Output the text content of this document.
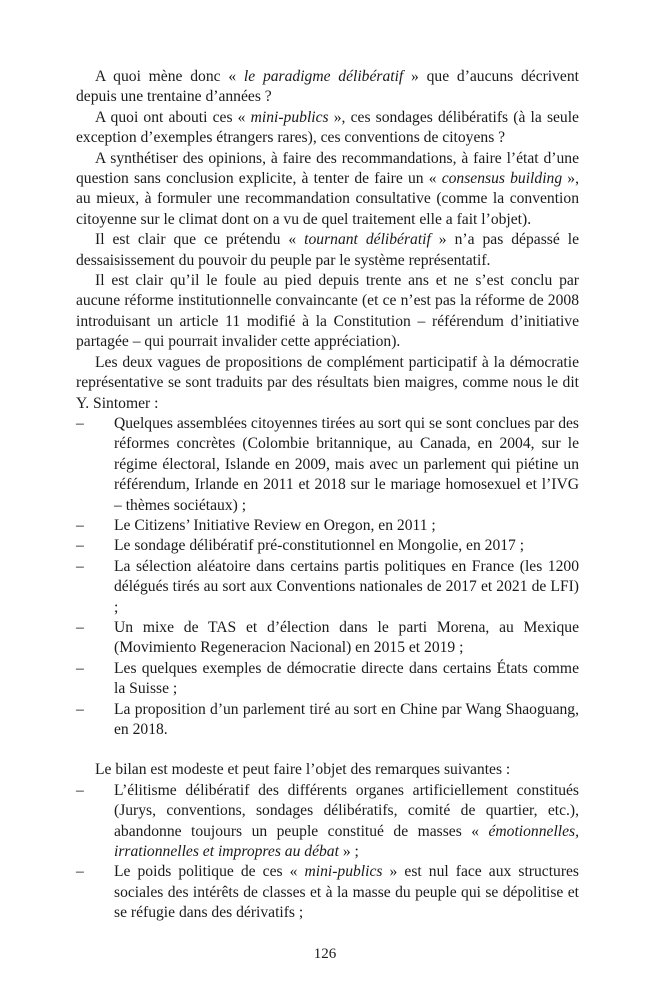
A quoi mène donc « le paradigme délibératif » que d’aucuns décrivent depuis une trentaine d’années ?

A quoi ont abouti ces « mini-publics », ces sondages délibératifs (à la seule exception d’exemples étrangers rares), ces conventions de citoyens ?

A synthétiser des opinions, à faire des recommandations, à faire l’état d’une question sans conclusion explicite, à tenter de faire un « consensus building », au mieux, à formuler une recommandation consultative (comme la convention citoyenne sur le climat dont on a vu de quel traitement elle a fait l’objet).

Il est clair que ce prétendu « tournant délibératif » n’a pas dépassé le dessaisissement du pouvoir du peuple par le système représentatif.

Il est clair qu’il le foule au pied depuis trente ans et ne s’est conclu par aucune réforme institutionnelle convaincante (et ce n’est pas la réforme de 2008 introduisant un article 11 modifié à la Constitution – référendum d’initiative partagée – qui pourrait invalider cette appréciation).

Les deux vagues de propositions de complément participatif à la démocratie représentative se sont traduits par des résultats bien maigres, comme nous le dit Y. Sintomer :

– Quelques assemblées citoyennes tirées au sort qui se sont conclues par des réformes concrètes (Colombie britannique, au Canada, en 2004, sur le régime électoral, Islande en 2009, mais avec un parlement qui piétine un référendum, Irlande en 2011 et 2018 sur le mariage homosexuel et l’IVG – thèmes sociétaux) ;
– Le Citizens’ Initiative Review en Oregon, en 2011 ;
– Le sondage délibératif pré-constitutionnel en Mongolie, en 2017 ;
– La sélection aléatoire dans certains partis politiques en France (les 1200 délégués tirés au sort aux Conventions nationales de 2017 et 2021 de LFI) ;
– Un mixe de TAS et d’élection dans le parti Morena, au Mexique (Movimiento Regeneracion Nacional) en 2015 et 2019 ;
– Les quelques exemples de démocratie directe dans certains États comme la Suisse ;
– La proposition d’un parlement tiré au sort en Chine par Wang Shaoguang, en 2018.

Le bilan est modeste et peut faire l’objet des remarques suivantes :

– L’élitisme délibératif des différents organes artificiellement constitués (Jurys, conventions, sondages délibératifs, comité de quartier, etc.), abandonne toujours un peuple constitué de masses « émotionnelles, irrationnelles et impropres au débat » ;
– Le poids politique de ces « mini-publics » est nul face aux structures sociales des intérêts de classes et à la masse du peuple qui se dépolitise et se réfugie dans des dérivatifs ;
126
